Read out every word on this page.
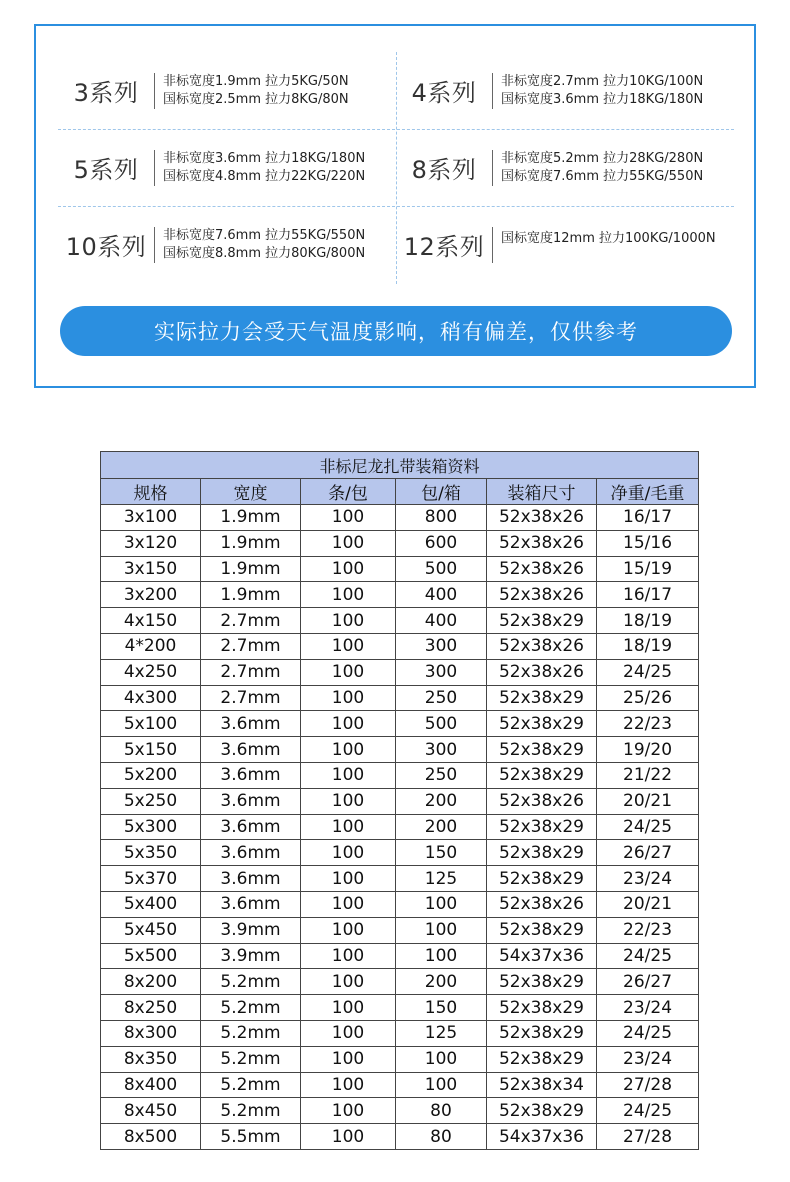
3系列	非标宽度1.9mm 拉力5KG/50N
国标宽度2.5mm 拉力8KG/80N	4系列	非标宽度2.7mm 拉力10KG/100N
国标宽度3.6mm 拉力18KG/180N
5系列	非标宽度3.6mm 拉力18KG/180N
国标宽度4.8mm 拉力22KG/220N	8系列	非标宽度5.2mm 拉力28KG/280N
国标宽度7.6mm 拉力55KG/550N
10系列	非标宽度7.6mm 拉力55KG/550N
国标宽度8.8mm 拉力80KG/800N	12系列	国标宽度12mm 拉力100KG/1000N
实际拉力会受天气温度影响，稍有偏差，仅供参考
非标尼龙扎带装箱资料					
规格	宽度	条/包	包/箱	装箱尺寸	净重/毛重
3x100	1.9mm	100	800	52x38x26	16/17
3x120	1.9mm	100	600	52x38x26	15/16
3x150	1.9mm	100	500	52x38x26	15/19
3x200	1.9mm	100	400	52x38x26	16/17
4x150	2.7mm	100	400	52x38x29	18/19
4*200	2.7mm	100	300	52x38x26	18/19
4x250	2.7mm	100	300	52x38x26	24/25
4x300	2.7mm	100	250	52x38x29	25/26
5x100	3.6mm	100	500	52x38x29	22/23
5x150	3.6mm	100	300	52x38x29	19/20
5x200	3.6mm	100	250	52x38x29	21/22
5x250	3.6mm	100	200	52x38x26	20/21
5x300	3.6mm	100	200	52x38x29	24/25
5x350	3.6mm	100	150	52x38x29	26/27
5x370	3.6mm	100	125	52x38x29	23/24
5x400	3.6mm	100	100	52x38x26	20/21
5x450	3.9mm	100	100	52x38x29	22/23
5x500	3.9mm	100	100	54x37x36	24/25
8x200	5.2mm	100	200	52x38x29	26/27
8x250	5.2mm	100	150	52x38x29	23/24
8x300	5.2mm	100	125	52x38x29	24/25
8x350	5.2mm	100	100	52x38x29	23/24
8x400	5.2mm	100	100	52x38x34	27/28
8x450	5.2mm	100	80	52x38x29	24/25
8x500	5.5mm	100	80	54x37x36	27/28
